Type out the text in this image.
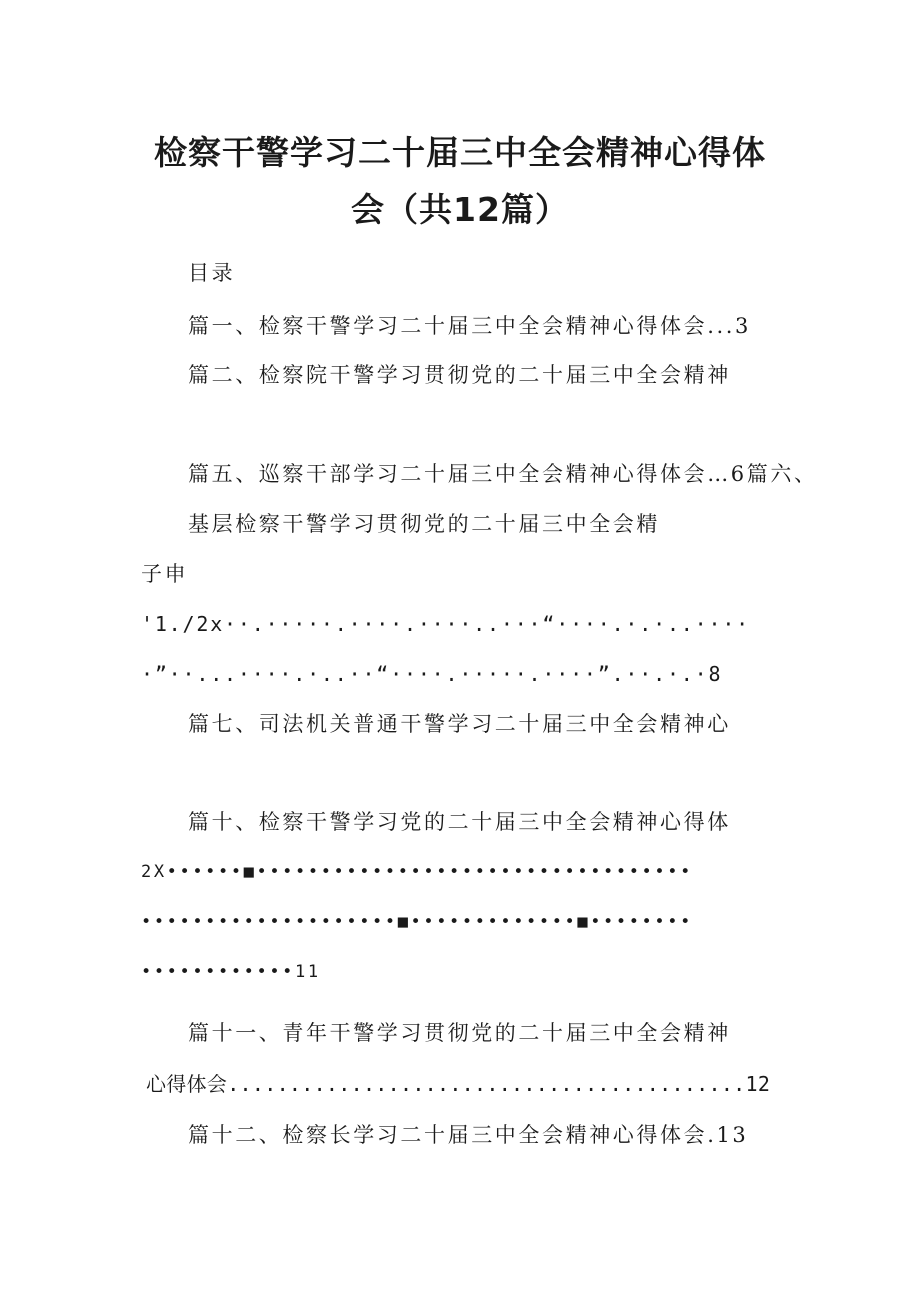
检察干警学习二十届三中全会精神心得体
会（共12篇）

目录

篇一、检察干警学习二十届三中全会精神心得体会...3

篇二、检察院干警学习贯彻党的二十届三中全会精神

篇五、巡察干部学习二十届三中全会精神心得体会…6篇六、

基层检察干警学习贯彻党的二十届三中全会精

子申

'1./2x··.·····.····.····..···“····.·.·..····

·”··...····.·..··“····.·····.····”.··.·.·8

篇七、司法机关普通干警学习二十届三中全会精神心

篇十、检察干警学习党的二十届三中全会精神心得体

2X••••••■••••••••••••••••••••••••••••••••••

••••••••••••••••••••■•••••••••••••■••••••••

••••••••••••11

篇十一、青年干警学习贯彻党的二十届三中全会精神

心得体会..........................................12

篇十二、检察长学习二十届三中全会精神心得体会.13
